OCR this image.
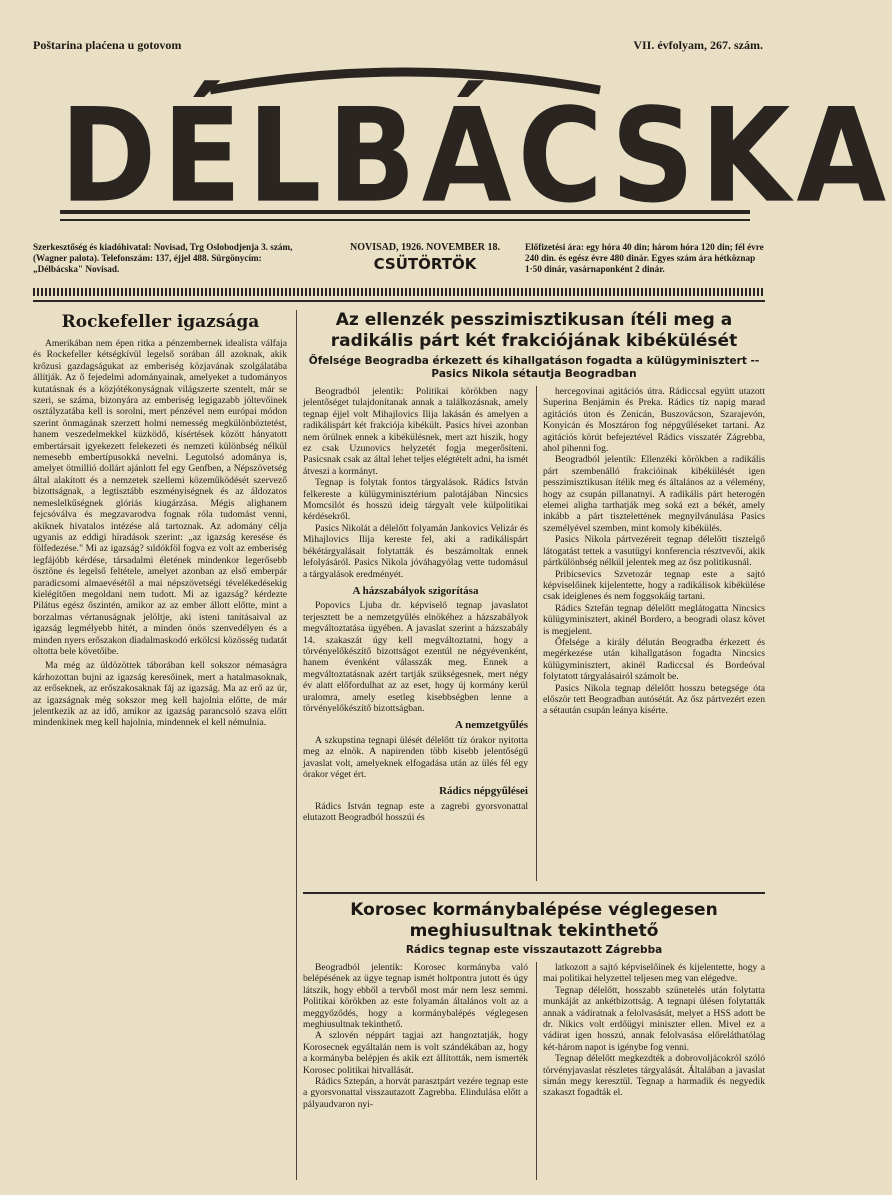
Poštarina plaćena u gotovom	VII. évfolyam, 267. szám.
DÉLBÁCSKA
Szerkesztőség és kiadóhivatal: Novisad, Trg Oslobodjenja 3. szám, (Wagner palota). Telefonszám: 137, éjjel 488. Sürgönycím: „Délbácska" Novisad.
NOVISAD, 1926. NOVEMBER 18.
CSÜTÖRTÖK
Előfizetési ára: egy hóra 40 din; három hóra 120 din; fél évre 240 din. és egész évre 480 dinár. Egyes szám ára hétköznap 1·50 dinár, vasárnaponként 2 dinár.
Rockefeller igazsága

Amerikában nem épen ritka a pénzembernek idealista válfaja és Rockefeller kétségkívül legelső sorában áll azoknak, akik krőzusi gazdagságukat az emberiség közjavának szolgálatába állítják. Az ő fejedelmi adományainak, amelyeket a tudományos kutatásnak és a közjótékonyságnak világszerte szentelt, már se szeri, se száma, bizonyára az emberiség legigazabb jóltevőinek osztályzatába kell is sorolni, mert pénzével nem európai módon szerint önmagának szerzett holmi nemesség megkülönböztetést, hanem veszedelmekkel küzködő, kísértések között hányatott embertársait igyekezett felekezeti és nemzeti különbség nélkül nemesebb embertípusokká nevelni. Legutolsó adománya is, amelyet ötmillió dollárt ajánlott fel egy Genfben, a Népszövetség által alakított és a nemzetek szellemi közeműködését szervező bizottságnak, a legtisztább eszményiségnek és az áldozatos nemeslelkűségnek glóriás kiugárzása. Mégis alighanem fejcsóválva és megzavarodva fognak róla tudomást venni, akiknek hivatalos intézése alá tartoznak. Az adomány célja ugyanis az eddigi híradások szerint: „az igazság keresése és fölfedezése." Mi az igazság? sıldókföl fogva ez volt az emberiség legfájóbb kérdése, társadalmi életének mindenkor legerősebb ösztöne és legelső feltétele, amelyet azonban az első emberpár paradicsomi almaevésétől a mai népszövetségi tévelékedésekig kielégítően megoldani nem tudott. Mi az igazság? kérdezte Pilátus egész őszintén, amikor az az ember állott előtte, mint a borzalmas vértanuságnak jelöltje, aki isteni tanításaival az igazság legmélyebb hitét, a minden önös szenvedélyen és a minden nyers erőszakon diadalmaskodó erkölcsi közösség tudatát oltotta bele követőibe.

Ma még az üldözöttek táborában kell sokszor némaságra kárhozottan bujni az igazság keresőinek, mert a hatalmasoknak, az erőseknek, az erőszakosaknak fáj az igazság. Ma az erő az úr, az igazságnak még sokszor meg kell hajolnia előtte, de már jelentkezik az az idő, amikor az igazság parancsoló szava előtt mindenkinek meg kell hajolnia, mindennek el kell némulnia.

Az ellenzék pesszimisztikusan ítéli meg a radikális párt két frakciójának kibékülését
Őfelsége Beogradba érkezett és kihallgatáson fogadta a külügyminisztert -- Pasics Nikola sétautja Beogradban

Beogradból jelentik: Politikai körökben nagy jelentőséget tulajdonítanak annak a találkozásnak, amely tegnap éjjel volt Mihajlovics Ilija lakásán és amelyen a radikálispárt két frakciója kibékült. Pasics hívei azonban nem örülnek ennek a kibékülésnek, mert azt hiszik, hogy ez csak Uzunovics helyzetét fogja megerősíteni. Pasicsnak csak az által lehet teljes elégtételt adni, ha ismét átveszi a kormányt.

Tegnap is folytak fontos tárgyalások. Rádics István felkereste a külügyminisztérium palotájában Nincsics Momcsilót és hosszú ideig tárgyalt vele külpolitikai kérdésekről.

Pasics Nikolát a délelőtt folyamán Jankovics Velizár és Mihajlovics Ilija kereste fel, aki a radikálispárt békétárgyalásait folytatták és beszámoltak ennek lefolyásáról. Pasics Nikola jóváhagyólag vette tudomásul a tárgyalások eredményét.

A házszabályok szigorítása

Popovics Ljuba dr. képviselő tegnap javaslatot terjesztett be a nemzetgyűlés elnökéhez a házszabályok megváltoztatása ügyében. A javaslat szerint a házszabály 14. szakaszát úgy kell megváltoztatni, hogy a törvényelőkészítő bizottságot ezentúl ne négyévenként, hanem évenként válasszák meg. Ennek a megváltoztatásnak azért tartják szükségesnek, mert négy év alatt előfordulhat az az eset, hogy új kormány kerül uralomra, amely esetleg kisebbségben lenne a törvényelőkészítő bizottságban.

A nemzetgyűlés

A szkupstina tegnapi ülését délelőtt tíz órakor nyitotta meg az elnök. A napirenden több kisebb jelentőségű javaslat volt, amelyeknek elfogadása után az ülés fél egy órakor véget ért.

Rádics népgyűlései

Rádics István tegnap este a zagrebi gyorsvonattal elutazott Beogradból hosszúi és

hercegovinai agitációs útra. Rádiccsal együtt utazott Superina Benjámin és Preka. Rádics tíz napig marad agitációs úton és Zenicán, Buszovácson, Szarajevón, Konyicán és Mosztáron fog népgyűléseket tartani. Az agitációs körút befejeztével Rádics visszatér Zágrebba, ahol pihenni fog.

Beogradból jelentik: Ellenzéki körökben a radikális párt szembenálló frakcióinak kibékülését igen pesszimisztikusan ítélik meg és általános az a vélemény, hogy az csupán pillanatnyi. A radikális párt heterogén elemei aligha tarthatják meg soká ezt a békét, amely inkább a párt tisztelettének megnyilvánulása Pasics személyével szemben, mint komoly kibékülés.

Pasics Nikola pártvezéreit tegnap délelőtt tisztelgő látogatást tettek a vasutügyi konferencia résztvevői, akik pártkülönbség nélkül jelentek meg az ősz politikusnál.

Pribicsevics Szvetozár tegnap este a sajtó képviselőinek kijelentette, hogy a radikálisok kibékülése csak ideiglenes és nem foggsokáig tartani.

Rádics Sztefán tegnap délelőtt meglátogatta Nincsics külügyminisztert, akinél Bordero, a beogradi olasz követ is megjelent.

Őfelsége a király délután Beogradba érkezett és megérkezése után kihallgatáson fogadta Nincsics külügyminisztert, akinél Radiccsal és Bordeóval folytatott tárgyalásairól számolt be.

Pasics Nikola tegnap délelőtt hosszu betegsége óta először tett Beogradban autósétát. Az ősz pártvezért ezen a sétaután csupán leánya kísérte.

Korosec kormánybalépése véglegesen meghiusultnak tekinthető
Rádics tegnap este visszautazott Zágrebba

Beogradból jelentik: Korosec kormányba való belépésének az ügye tegnap ismét holtpontra jutott és úgy látszik, hogy ebből a tervből most már nem lesz semmi. Politikai körökben az este folyamán általános volt az a meggyőződés, hogy a kormánybalépés véglegesen meghiusultnak tekinthető.

A szlovén néppárt tagjai azt hangoztatják, hogy Korosecnek egyáltalán nem is volt szándékában az, hogy a kormányba belépjen és akik ezt állították, nem ismerték Korosec politikai hitvallását.

Rádics Sztepán, a horvát parasztpárt vezére tegnap este a gyorsvonattal visszautazott Zagrebba. Elindulása előtt a pályaudvaron nyi-

latkozott a sajtó képviselőinek és kijelentette, hogy a mai politikai helyzettel teljesen meg van elégedve.

Tegnap délelőtt, hosszabb szünetelés után folytatta munkáját az ankétbizottság. A tegnapi ülésen folytatták annak a vádiratnak a felolvasását, melyet a HSS adott be dr. Nikics volt erdőügyi miniszter ellen. Mivel ez a vádirat igen hosszú, annak felolvasása előreláthatólag két-három napot is igénybe fog venni.

Tegnap délelőtt megkezdték a dobrovoljácokról szóló törvényjavaslat részletes tárgyalását. Általában a javaslat simán megy keresztül. Tegnap a harmadik és negyedik szakaszt fogadták el.
